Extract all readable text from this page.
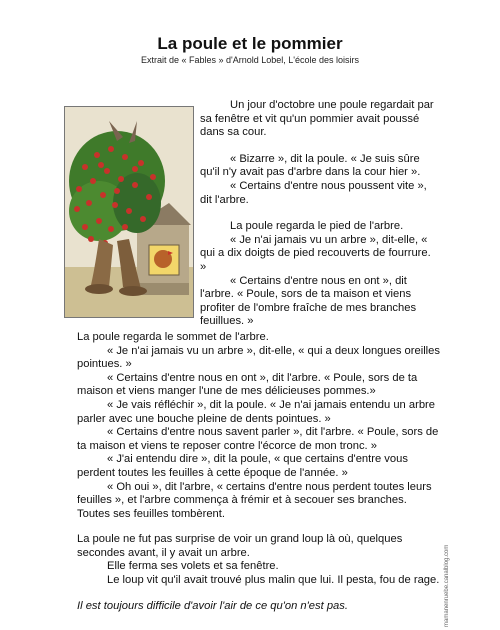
La poule et le pommier
Extrait de « Fables » d'Arnold Lobel, L'école des loisirs

Un jour d'octobre une poule regardait par sa fenêtre et vit qu'un pommier avait poussé dans sa cour.

« Bizarre », dit la poule. « Je suis sûre qu'il n'y avait pas d'arbre dans la cour hier ».

« Certains d'entre nous poussent vite », dit l'arbre.

La poule regarda le pied de l'arbre.

« Je n'ai jamais vu un arbre », dit-elle, « qui a dix doigts de pied recouverts de fourrure. »

« Certains d'entre nous en ont », dit l'arbre. « Poule, sors de ta maison et viens profiter de l'ombre fraîche de mes branches feuillues. »

La poule regarda le sommet de l'arbre.

« Je n'ai jamais vu un arbre », dit-elle, « qui a deux longues oreilles pointues. »

« Certains d'entre nous en ont », dit l'arbre. « Poule, sors de ta maison et viens manger l'une de mes délicieuses pommes.»

« Je vais réfléchir », dit la poule. « Je n'ai jamais entendu un arbre parler avec une bouche pleine de dents pointues. »

« Certains d'entre nous savent parler », dit l'arbre. « Poule, sors de ta maison et viens te reposer contre l'écorce de mon tronc. »

« J'ai entendu dire », dit la poule, « que certains d'entre vous perdent toutes les feuilles à cette époque de l'année. »

« Oh oui », dit l'arbre, « certains d'entre nous perdent toutes leurs feuilles », et l'arbre commença à frémir et à secouer ses branches. Toutes ses feuilles tombèrent.

La poule ne fut pas surprise de voir un grand loup là où, quelques secondes avant, il y avait un arbre.

Elle ferma ses volets et sa fenêtre.

Le loup vit qu'il avait trouvé plus malin que lui. Il pesta, fou de rage.

Il est toujours difficile d'avoir l'air de ce qu'on n'est pas.	mamanenruebe.canalblog.com
